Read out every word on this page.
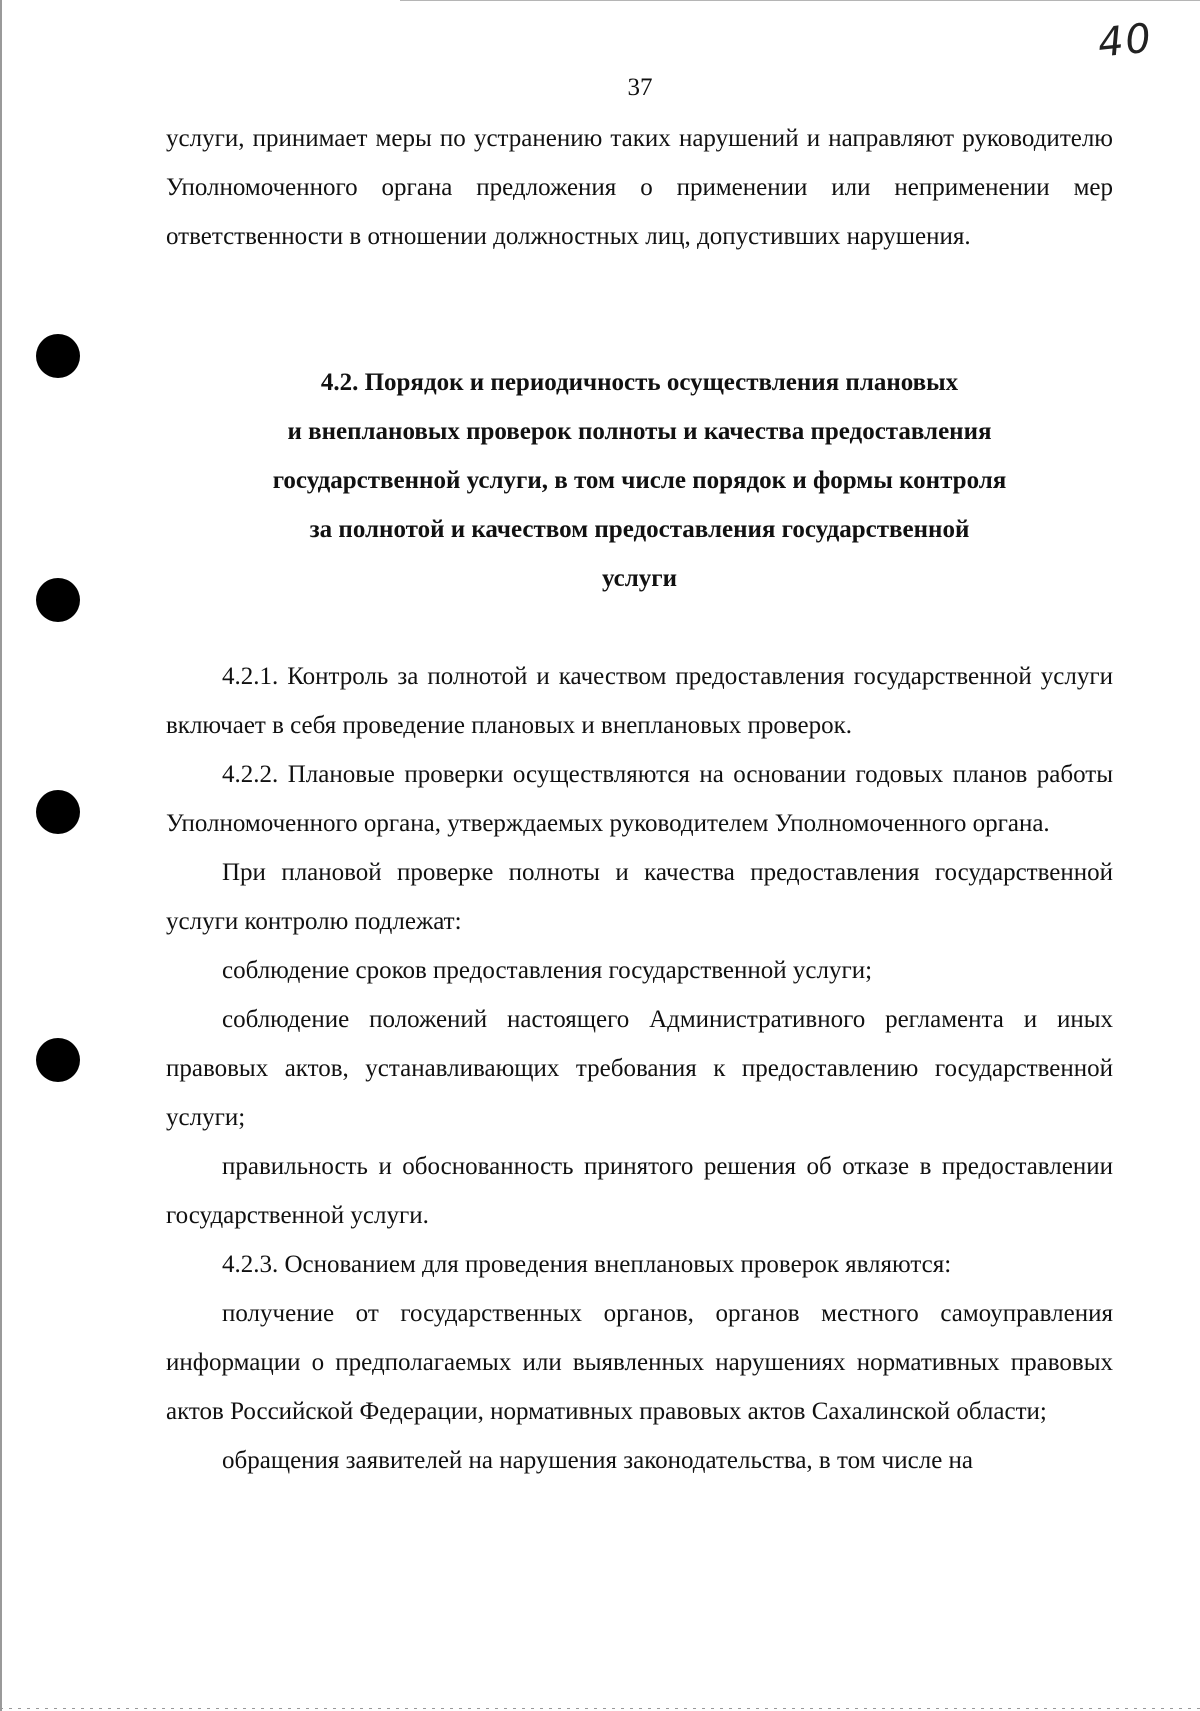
40
37

услуги, принимает меры по устранению таких нарушений и направляют руководителю Уполномоченного органа предложения о применении или неприменении мер ответственности в отношении должностных лиц, допустивших нарушения.

4.2. Порядок и периодичность осуществления плановых
и внеплановых проверок полноты и качества предоставления
государственной услуги, в том числе порядок и формы контроля
за полнотой и качеством предоставления государственной
услуги

4.2.1. Контроль за полнотой и качеством предоставления государственной услуги включает в себя проведение плановых и внеплановых проверок.

4.2.2. Плановые проверки осуществляются на основании годовых планов работы Уполномоченного органа, утверждаемых руководителем Уполномоченного органа.

При плановой проверке полноты и качества предоставления государственной услуги контролю подлежат:

соблюдение сроков предоставления государственной услуги;

соблюдение положений настоящего Административного регламента и иных правовых актов, устанавливающих требования к предоставлению государственной услуги;

правильность и обоснованность принятого решения об отказе в предоставлении государственной услуги.

4.2.3. Основанием для проведения внеплановых проверок являются:

получение от государственных органов, органов местного самоуправления информации о предполагаемых или выявленных нарушениях нормативных правовых актов Российской Федерации, нормативных правовых актов Сахалинской области;

обращения заявителей на нарушения законодательства, в том числе на
